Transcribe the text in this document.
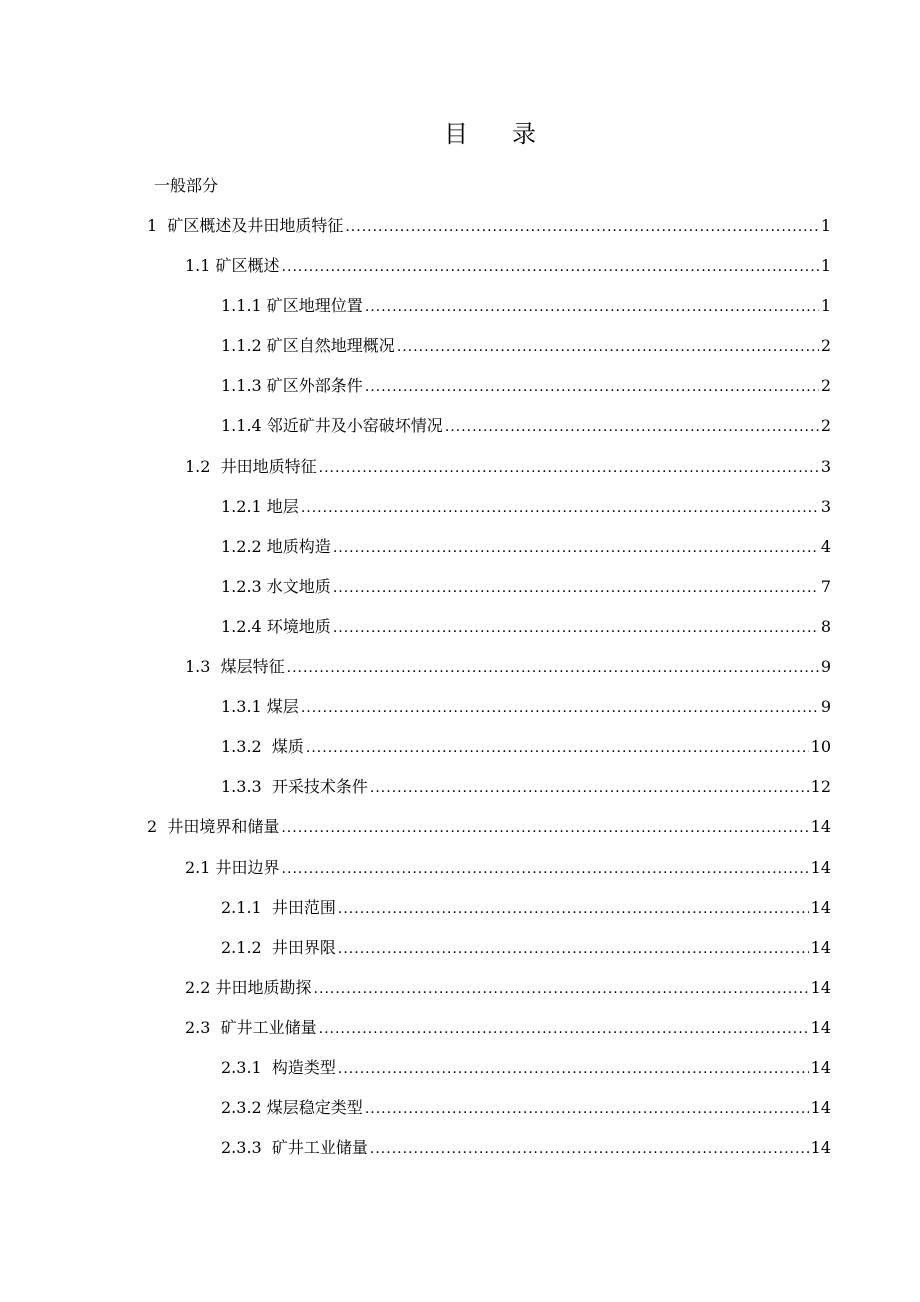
目 录
一般部分
1  矿区概述及井田地质特征 .....	1
1.1 矿区概述 .....	1
1.1.1 矿区地理位置 .....	1
1.1.2 矿区自然地理概况 .....	2
1.1.3 矿区外部条件 .....	2
1.1.4 邻近矿井及小窑破坏情况 .....	2
1.2  井田地质特征 .....	3
1.2.1 地层 .....	3
1.2.2 地质构造 .....	4
1.2.3 水文地质 .....	7
1.2.4 环境地质 .....	8
1.3  煤层特征 .....	9
1.3.1 煤层 .....	9
1.3.2  煤质 .....	10
1.3.3  开采技术条件 .....	12
2  井田境界和储量 .....	14
2.1 井田边界 .....	14
2.1.1  井田范围 .....	14
2.1.2  井田界限 .....	14
2.2 井田地质勘探 .....	14
2.3  矿井工业储量 .....	14
2.3.1  构造类型 .....	14
2.3.2 煤层稳定类型 .....	14
2.3.3  矿井工业储量 .....	14
